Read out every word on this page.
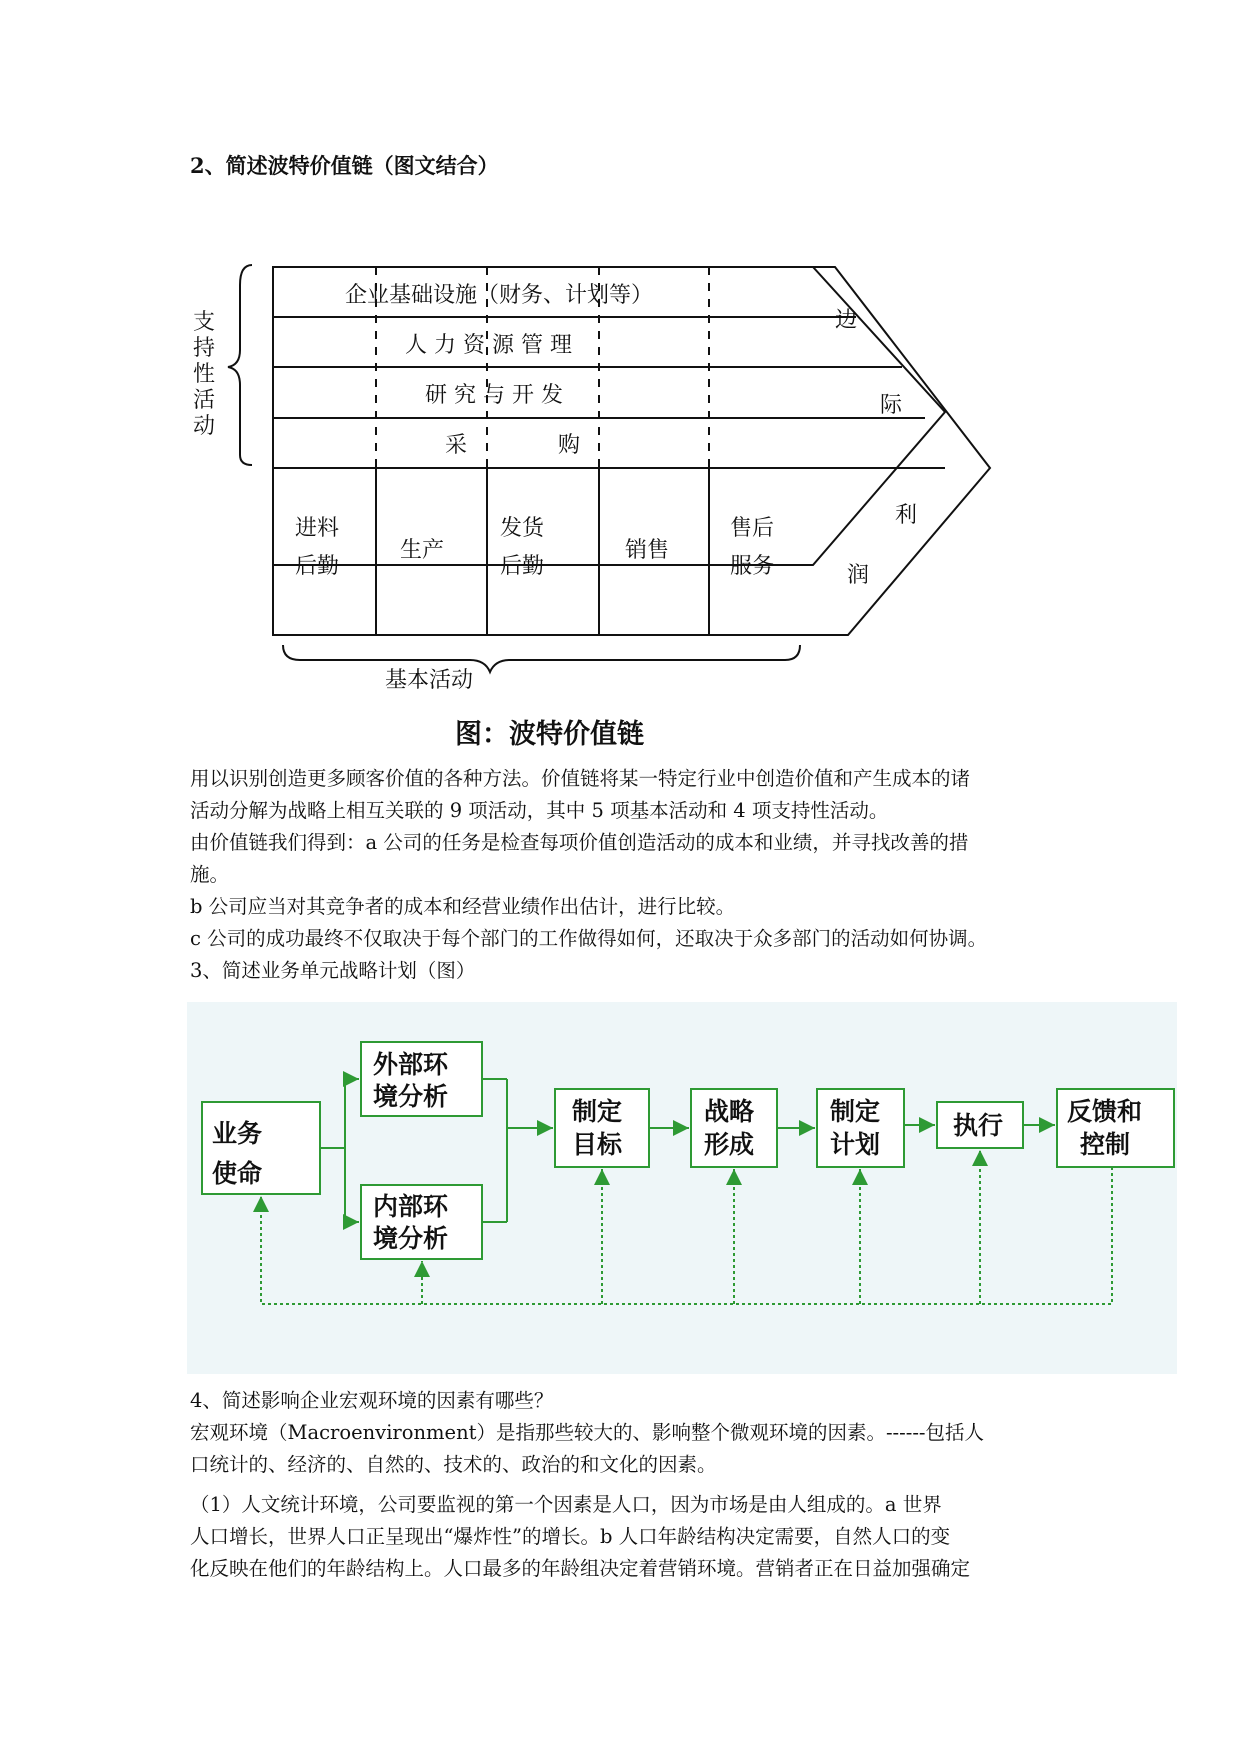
2、简述波特价值链（图文结合）
企业基础设施（财务、计划等）
人 力 资 源 管 理
研 究 与 开 发
采	购
进料
后勤
生产
发货
后勤
销售
售后
服务
边
际
利
润
基本活动
支持性活动
图：波特价值链
用以识别创造更多顾客价值的各种方法。价值链将某一特定行业中创造价值和产生成本的诸
活动分解为战略上相互关联的 9 项活动，其中 5 项基本活动和 4 项支持性活动。
由价值链我们得到：a 公司的任务是检查每项价值创造活动的成本和业绩，并寻找改善的措
施。
b 公司应当对其竞争者的成本和经营业绩作出估计，进行比较。
c 公司的成功最终不仅取决于每个部门的工作做得如何，还取决于众多部门的活动如何协调。
3、简述业务单元战略计划（图）
业务
使命
外部环
境分析
内部环
境分析
制定
目标
战略
形成
制定
计划
执行	反馈和
控制
4、简述影响企业宏观环境的因素有哪些？
宏观环境（Macroenvironment）是指那些较大的、影响整个微观环境的因素。------包括人
口统计的、经济的、自然的、技术的、政治的和文化的因素。
（1）人文统计环境，公司要监视的第一个因素是人口，因为市场是由人组成的。a 世界
人口增长，世界人口正呈现出“爆炸性”的增长。b 人口年龄结构决定需要，自然人口的变
化反映在他们的年龄结构上。人口最多的年龄组决定着营销环境。营销者正在日益加强确定
